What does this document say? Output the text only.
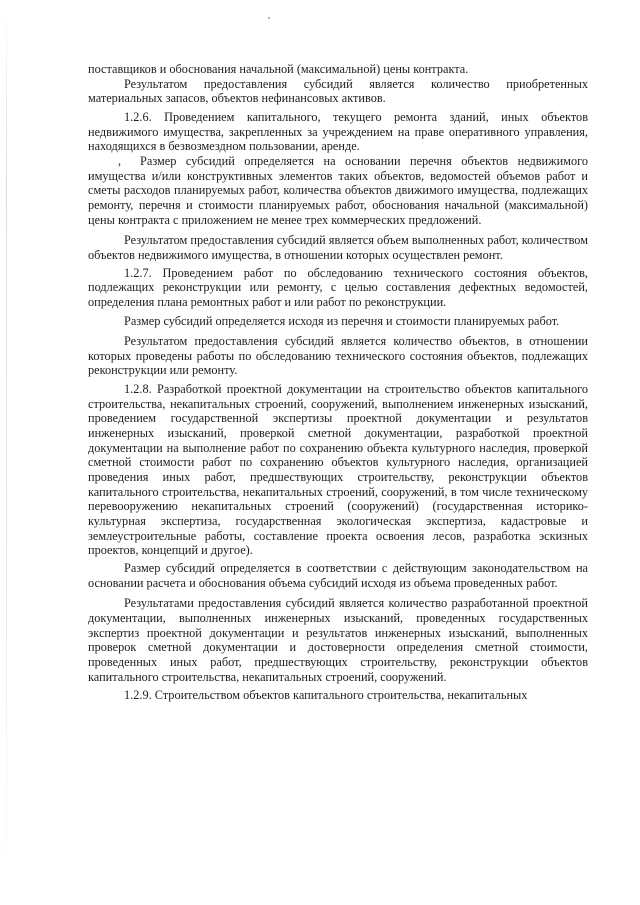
поставщиков и обоснования начальной (максимальной) цены контракта.

Результатом предоставления субсидий является количество приобретенных материальных запасов, объектов нефинансовых активов.

1.2.6. Проведением капитального, текущего ремонта зданий, иных объектов недвижимого имущества, закрепленных за учреждением на праве оперативного управления, находящихся в безвозмездном пользовании, аренде.

, Размер субсидий определяется на основании перечня объектов недвижимого имущества и/или конструктивных элементов таких объектов, ведомостей объемов работ и сметы расходов планируемых работ, количества объектов движимого имущества, подлежащих ремонту, перечня и стоимости планируемых работ, обоснования начальной (максимальной) цены контракта с приложением не менее трех коммерческих предложений.

Результатом предоставления субсидий является объем выполненных работ, количеством объектов недвижимого имущества, в отношении которых осуществлен ремонт.

1.2.7. Проведением работ по обследованию технического состояния объектов, подлежащих реконструкции или ремонту, с целью составления дефектных ведомостей, определения плана ремонтных работ и или работ по реконструкции.

Размер субсидий определяется исходя из перечня и стоимости планируемых работ.

Результатом предоставления субсидий является количество объектов, в отношении которых проведены работы по обследованию технического состояния объектов, подлежащих реконструкции или ремонту.

1.2.8. Разработкой проектной документации на строительство объектов капитального строительства, некапитальных строений, сооружений, выполнением инженерных изысканий, проведением государственной экспертизы проектной документации и результатов инженерных изысканий, проверкой сметной документации, разработкой проектной документации на выполнение работ по сохранению объекта культурного наследия, проверкой сметной стоимости работ по сохранению объектов культурного наследия, организацией проведения иных работ, предшествующих строительству, реконструкции объектов капитального строительства, некапитальных строений, сооружений, в том числе техническому перевооружению некапитальных строений (сооружений) (государственная историко-культурная экспертиза, государственная экологическая экспертиза, кадастровые и землеустроительные работы, составление проекта освоения лесов, разработка эскизных проектов, концепций и другое).

Размер субсидий определяется в соответствии с действующим законодательством на основании расчета и обоснования объема субсидий исходя из объема проведенных работ.

Результатами предоставления субсидий является количество разработанной проектной документации, выполненных инженерных изысканий, проведенных государственных экспертиз проектной документации и результатов инженерных изысканий, выполненных проверок сметной документации и достоверности определения сметной стоимости, проведенных иных работ, предшествующих строительству, реконструкции объектов капитального строительства, некапитальных строений, сооружений.

1.2.9. Строительством объектов капитального строительства, некапитальных
